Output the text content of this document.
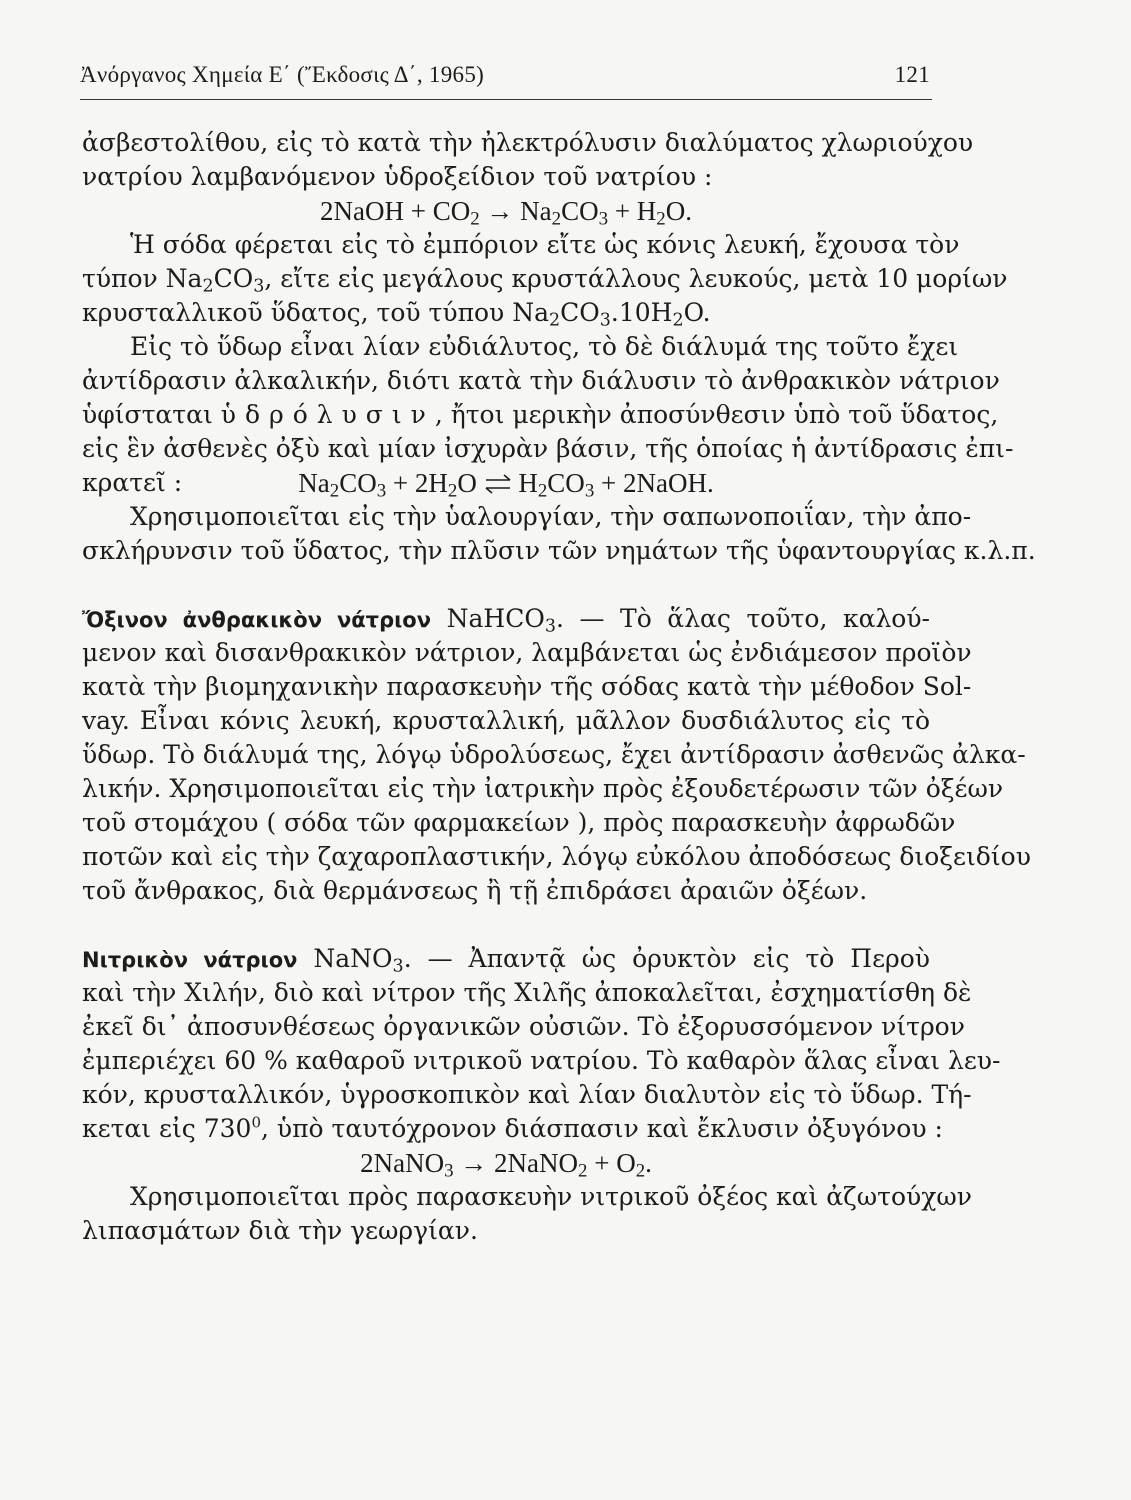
Ἀνόργανος Χημεία Ε΄ (Ἔκδοσις Δ΄, 1965)	121
ἀσβεστολίθου, εἰς τὸ κατὰ τὴν ἠλεκτρόλυσιν διαλύματος χλωριούχου
νατρίου λαμβανόμενον ὑδροξείδιον τοῦ νατρίου :
2NaOH + $CO_2 \to Na_2CO_3 + H_2O$.
Ἡ σόδα φέρεται εἰς τὸ ἐμπόριον εἴτε ὡς κόνις λευκή, ἔχουσα τὸν
τύπον $Na_2CO_3$, εἴτε εἰς μεγάλους κρυστάλλους λευκούς, μετὰ 10 μορίων
κρυσταλλικοῦ ὕδατος, τοῦ τύπου $Na_2CO_3.10H_2O$.
Εἰς τὸ ὕδωρ εἶναι λίαν εὐδιάλυτος, τὸ δὲ διάλυμά της τοῦτο ἔχει
ἀντίδρασιν ἀλκαλικήν, διότι κατὰ τὴν διάλυσιν τὸ ἀνθρακικὸν νάτριον
ὑφίσταται ὑδρόλυσιν, ἤτοι μερικὴν ἀποσύνθεσιν ὑπὸ τοῦ ὕδατος,
εἰς ἓν ἀσθενὲς ὀξὺ καὶ μίαν ἰσχυρὰν βάσιν, τῆς ὁποίας ἡ ἀντίδρασις ἐπι-
κρατεῖ :	$Na_2CO_3 + 2H_2O$ ⇌ $H_2CO_3$ + 2NaOH.
Χρησιμοποιεῖται εἰς τὴν ὑαλουργίαν, τὴν σαπωνοποιΐαν, τὴν ἀπο-
σκλήρυνσιν τοῦ ὕδατος, τὴν πλῦσιν τῶν νημάτων τῆς ὑφαντουργίας κ.λ.π.
Ὄξινον ἀνθρακικὸν νάτριον NaHCO$_3$. — Τὸ ἅλας τοῦτο, καλού-
μενον καὶ δισανθρακικὸν νάτριον, λαμβάνεται ὡς ἐνδιάμεσον προϊὸν
κατὰ τὴν βιομηχανικὴν παρασκευὴν τῆς σόδας κατὰ τὴν μέθοδον Sol-
vay. Εἶναι κόνις λευκή, κρυσταλλική, μᾶλλον δυσδιάλυτος εἰς τὸ
ὕδωρ. Τὸ διάλυμά της, λόγῳ ὑδρολύσεως, ἔχει ἀντίδρασιν ἀσθενῶς ἀλκα-
λικήν. Χρησιμοποιεῖται εἰς τὴν ἰατρικὴν πρὸς ἐξουδετέρωσιν τῶν ὀξέων
τοῦ στομάχου ( σόδα τῶν φαρμακείων ), πρὸς παρασκευὴν ἀφρωδῶν
ποτῶν καὶ εἰς τὴν ζαχαροπλαστικήν, λόγῳ εὐκόλου ἀποδόσεως διοξειδίου
τοῦ ἄνθρακος, διὰ θερμάνσεως ἢ τῇ ἐπιδράσει ἀραιῶν ὀξέων.
Νιτρικὸν νάτριον NaNO$_3$. — Ἀπαντᾷ ὡς ὀρυκτὸν εἰς τὸ Περοὺ
καὶ τὴν Χιλήν, διὸ καὶ νίτρον τῆς Χιλῆς ἀποκαλεῖται, ἐσχηματίσθη δὲ
ἐκεῖ δι᾽ ἀποσυνθέσεως ὀργανικῶν οὐσιῶν. Τὸ ἐξορυσσόμενον νίτρον
ἐμπεριέχει 60 % καθαροῦ νιτρικοῦ νατρίου. Τὸ καθαρὸν ἅλας εἶναι λευ-
κόν, κρυσταλλικόν, ὑγροσκοπικὸν καὶ λίαν διαλυτὸν εἰς τὸ ὕδωρ. Τή-
κεται εἰς $730^0$, ὑπὸ ταυτόχρονον διάσπασιν καὶ ἔκλυσιν ὀξυγόνου :
2NaNO$_3$ → 2NaNO$_2$ + $O_2$.
Χρησιμοποιεῖται πρὸς παρασκευὴν νιτρικοῦ ὀξέος καὶ ἀζωτούχων
λιπασμάτων διὰ τὴν γεωργίαν.
